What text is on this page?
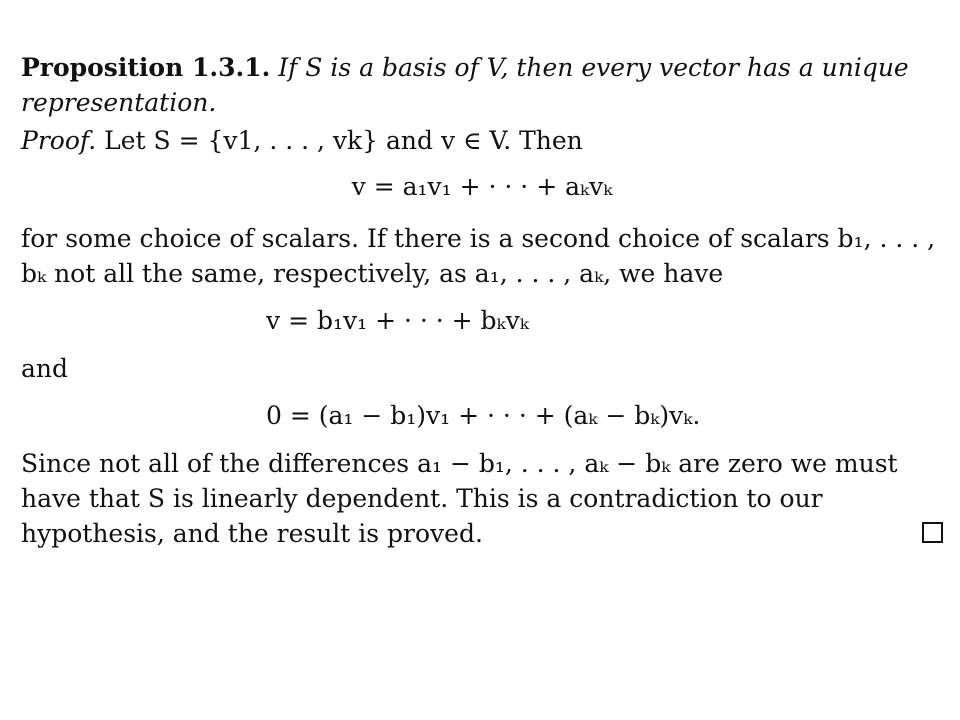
Proposition 1.3.1. If S is a basis of V, then every vector has a unique representation.

Proof. Let S = {v1, . . . , vk} and v ∈ V. Then

v = a₁v₁ + · · · + aₖvₖ

for some choice of scalars. If there is a second choice of scalars b₁, . . . , bₖ not all the same, respectively, as a₁, . . . , aₖ, we have

v = b₁v₁ + · · · + bₖvₖ

and

0 = (a₁ − b₁)v₁ + · · · + (aₖ − bₖ)vₖ.

Since not all of the differences a₁ − b₁, . . . , aₖ − bₖ are zero we must have that S is linearly dependent. This is a contradiction to our hypothesis, and the result is proved.
